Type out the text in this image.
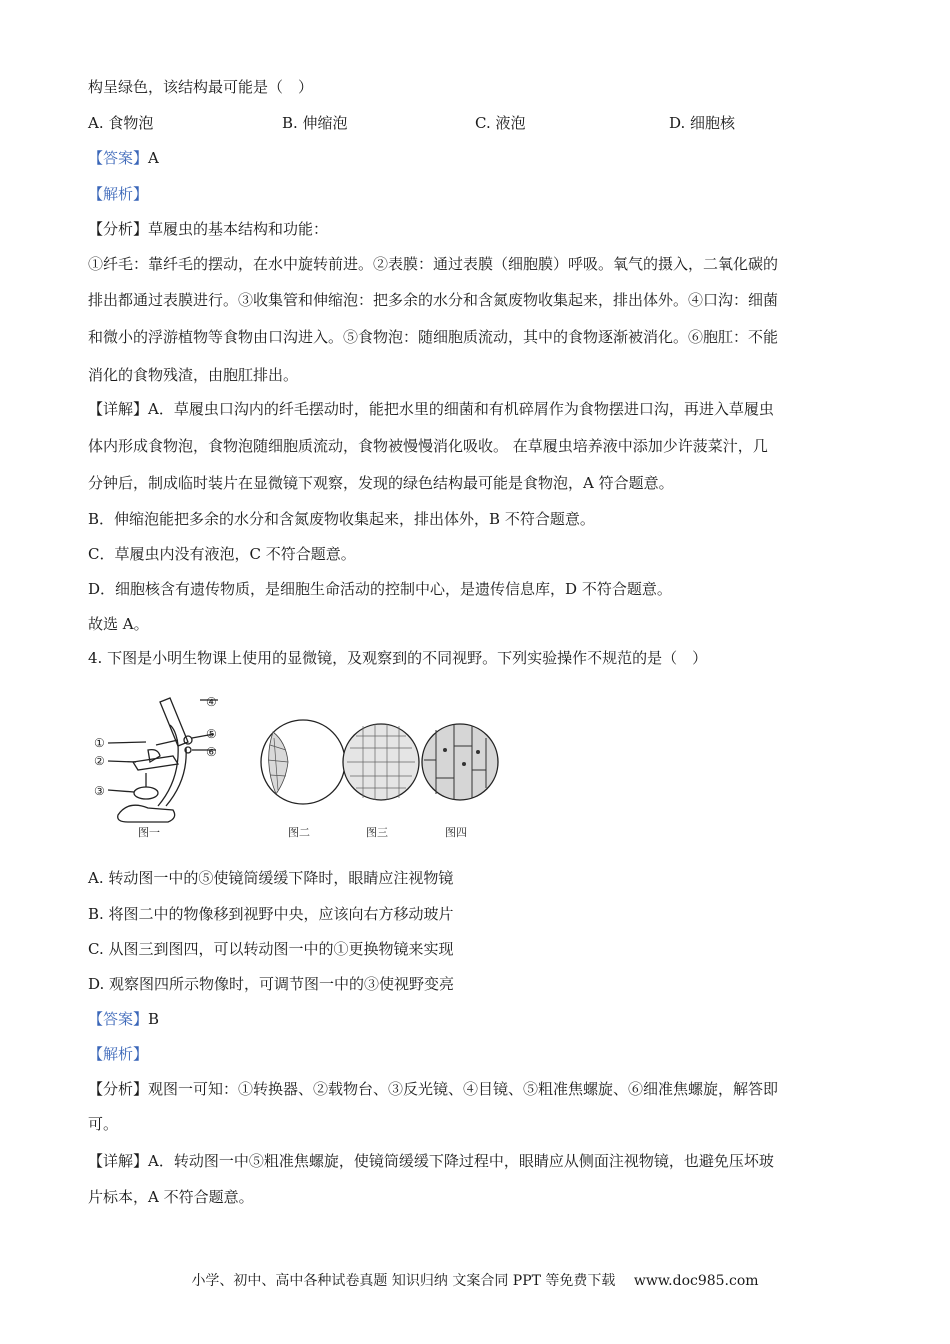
构呈绿色，该结构最可能是（　）
A. 食物泡	B. 伸缩泡	C. 液泡	D. 细胞核
【答案】A
【解析】
【分析】草履虫的基本结构和功能：
①纤毛：靠纤毛的摆动，在水中旋转前进。②表膜：通过表膜（细胞膜）呼吸。氧气的摄入，二氧化碳的
排出都通过表膜进行。③收集管和伸缩泡：把多余的水分和含氮废物收集起来，排出体外。④口沟：细菌
和微小的浮游植物等食物由口沟进入。⑤食物泡：随细胞质流动，其中的食物逐渐被消化。⑥胞肛：不能
消化的食物残渣，由胞肛排出。
【详解】A．草履虫口沟内的纤毛摆动时，能把水里的细菌和有机碎屑作为食物摆进口沟，再进入草履虫
体内形成食物泡，食物泡随细胞质流动，食物被慢慢消化吸收。 在草履虫培养液中添加少许菠菜汁，几
分钟后，制成临时装片在显微镜下观察，发现的绿色结构最可能是食物泡，A 符合题意。
B．伸缩泡能把多余的水分和含氮废物收集起来，排出体外，B 不符合题意。
C．草履虫内没有液泡，C 不符合题意。
D．细胞核含有遗传物质，是细胞生命活动的控制中心，是遗传信息库，D 不符合题意。
故选 A。
4. 下图是小明生物课上使用的显微镜，及观察到的不同视野。下列实验操作不规范的是（　）
④
①
⑤
⑥
②
③
图一	图二	图三	图四
A. 转动图一中的⑤使镜筒缓缓下降时，眼睛应注视物镜
B. 将图二中的物像移到视野中央，应该向右方移动玻片
C. 从图三到图四，可以转动图一中的①更换物镜来实现
D. 观察图四所示物像时，可调节图一中的③使视野变亮
【答案】B
【解析】
【分析】观图一可知：①转换器、②载物台、③反光镜、④目镜、⑤粗准焦螺旋、⑥细准焦螺旋，解答即
可。
【详解】A．转动图一中⑤粗准焦螺旋，使镜筒缓缓下降过程中，眼睛应从侧面注视物镜，也避免压坏玻
片标本，A 不符合题意。
小学、初中、高中各种试卷真题 知识归纳 文案合同 PPT 等免费下载　 www.doc985.com
